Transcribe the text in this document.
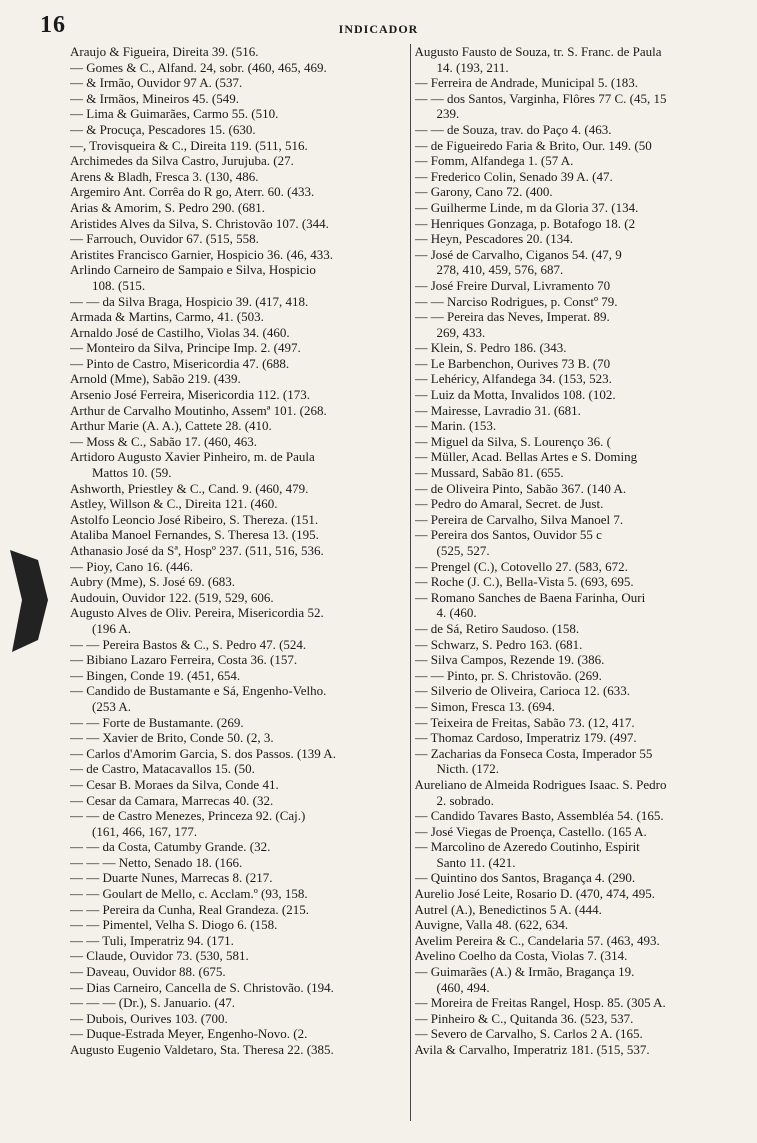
16	INDICADOR
Araujo & Figueira, Direita 39. (516.
— Gomes & C., Alfand. 24, sobr. (460, 465, 469.
— & Irmão, Ouvidor 97 A. (537.
— & Irmãos, Mineiros 45. (549.
— Lima & Guimarães, Carmo 55. (510.
— & Procuça, Pescadores 15. (630.
—, Trovisqueira & C., Direita 119. (511, 516.
Archimedes da Silva Castro, Jurujuba. (27.
Arens & Bladh, Fresca 3. (130, 486.
Argemiro Ant. Corrêa do R go, Aterr. 60. (433.
Arias & Amorim, S. Pedro 290. (681.
Aristides Alves da Silva, S. Christovão 107. (344.
— Farrouch, Ouvidor 67. (515, 558.
Aristites Francisco Garnier, Hospicio 36. (46, 433.
Arlindo Carneiro de Sampaio e Silva, Hospicio
108. (515.
— — da Silva Braga, Hospicio 39. (417, 418.
Armada & Martins, Carmo, 41. (503.
Arnaldo José de Castilho, Violas 34. (460.
— Monteiro da Silva, Principe Imp. 2. (497.
— Pinto de Castro, Misericordia 47. (688.
Arnold (Mme), Sabão 219. (439.
Arsenio José Ferreira, Misericordia 112. (173.
Arthur de Carvalho Moutinho, Assemª 101. (268.
Arthur Marie (A. A.), Cattete 28. (410.
— Moss & C., Sabão 17. (460, 463.
Artidoro Augusto Xavier Pinheiro, m. de Paula
Mattos 10. (59.
Ashworth, Priestley & C., Cand. 9. (460, 479.
Astley, Willson & C., Direita 121. (460.
Astolfo Leoncio José Ribeiro, S. Thereza. (151.
Ataliba Manoel Fernandes, S. Theresa 13. (195.
Athanasio José da Sª, Hospº 237. (511, 516, 536.
— Pioy, Cano 16. (446.
Aubry (Mme), S. José 69. (683.
Audouin, Ouvidor 122. (519, 529, 606.
Augusto Alves de Oliv. Pereira, Misericordia 52.
(196 A.
— — Pereira Bastos & C., S. Pedro 47. (524.
— Bibiano Lazaro Ferreira, Costa 36. (157.
— Bingen, Conde 19. (451, 654.
— Candido de Bustamante e Sá, Engenho-Velho.
(253 A.
— — Forte de Bustamante. (269.
— — Xavier de Brito, Conde 50. (2, 3.
— Carlos d'Amorim Garcia, S. dos Passos. (139 A.
— de Castro, Matacavallos 15. (50.
— Cesar B. Moraes da Silva, Conde 41.
— Cesar da Camara, Marrecas 40. (32.
— — de Castro Menezes, Princeza 92. (Caj.)
(161, 466, 167, 177.
— — da Costa, Catumby Grande. (32.
— — — Netto, Senado 18. (166.
— — Duarte Nunes, Marrecas 8. (217.
— — Goulart de Mello, c. Acclam.º (93, 158.
— — Pereira da Cunha, Real Grandeza. (215.
— — Pimentel, Velha S. Diogo 6. (158.
— — Tuli, Imperatriz 94. (171.
— Claude, Ouvidor 73. (530, 581.
— Daveau, Ouvidor 88. (675.
— Dias Carneiro, Cancella de S. Christovão. (194.
— — — (Dr.), S. Januario. (47.
— Dubois, Ourives 103. (700.
— Duque-Estrada Meyer, Engenho-Novo. (2.
Augusto Eugenio Valdetaro, Sta. Theresa 22. (385.
Augusto Fausto de Souza, tr. S. Franc. de Paula
14. (193, 211.
— Ferreira de Andrade, Municipal 5. (183.
— — dos Santos, Varginha, Flôres 77 C. (45, 15
239.
— — de Souza, trav. do Paço 4. (463.
— de Figueiredo Faria & Brito, Our. 149. (50
— Fomm, Alfandega 1. (57 A.
— Frederico Colin, Senado 39 A. (47.
— Garony, Cano 72. (400.
— Guilherme Linde, m da Gloria 37. (134.
— Henriques Gonzaga, p. Botafogo 18. (2
— Heyn, Pescadores 20. (134.
— José de Carvalho, Ciganos 54. (47, 9
278, 410, 459, 576, 687.
— José Freire Durval, Livramento 70
— — Narciso Rodrigues, p. Constº 79.
— — Pereira das Neves, Imperat. 89.
269, 433.
— Klein, S. Pedro 186. (343.
— Le Barbenchon, Ourives 73 B. (70
— Lehéricy, Alfandega 34. (153, 523.
— Luiz da Motta, Invalidos 108. (102.
— Mairesse, Lavradio 31. (681.
— Marin. (153.
— Miguel da Silva, S. Lourenço 36. (
— Müller, Acad. Bellas Artes e S. Doming
— Mussard, Sabão 81. (655.
— de Oliveira Pinto, Sabão 367. (140 A.
— Pedro do Amaral, Secret. de Just.
— Pereira de Carvalho, Silva Manoel 7.
— Pereira dos Santos, Ouvidor 55 c
(525, 527.
— Prengel (C.), Cotovello 27. (583, 672.
— Roche (J. C.), Bella-Vista 5. (693, 695.
— Romano Sanches de Baena Farinha, Ouri
4. (460.
— de Sá, Retiro Saudoso. (158.
— Schwarz, S. Pedro 163. (681.
— Silva Campos, Rezende 19. (386.
— — Pinto, pr. S. Christovão. (269.
— Silverio de Oliveira, Carioca 12. (633.
— Simon, Fresca 13. (694.
— Teixeira de Freitas, Sabão 73. (12, 417.
— Thomaz Cardoso, Imperatriz 179. (497.
— Zacharias da Fonseca Costa, Imperador 55
Nicth. (172.
Aureliano de Almeida Rodrigues Isaac. S. Pedro
2. sobrado.
— Candido Tavares Basto, Assembléa 54. (165.
— José Viegas de Proença, Castello. (165 A.
— Marcolino de Azeredo Coutinho, Espirit
Santo 11. (421.
— Quintino dos Santos, Bragança 4. (290.
Aurelio José Leite, Rosario D. (470, 474, 495.
Autrel (A.), Benedictinos 5 A. (444.
Auvigne, Valla 48. (622, 634.
Avelim Pereira & C., Candelaria 57. (463, 493.
Avelino Coelho da Costa, Violas 7. (314.
— Guimarães (A.) & Irmão, Bragança 19.
(460, 494.
— Moreira de Freitas Rangel, Hosp. 85. (305 A.
— Pinheiro & C., Quitanda 36. (523, 537.
— Severo de Carvalho, S. Carlos 2 A. (165.
Avila & Carvalho, Imperatriz 181. (515, 537.
